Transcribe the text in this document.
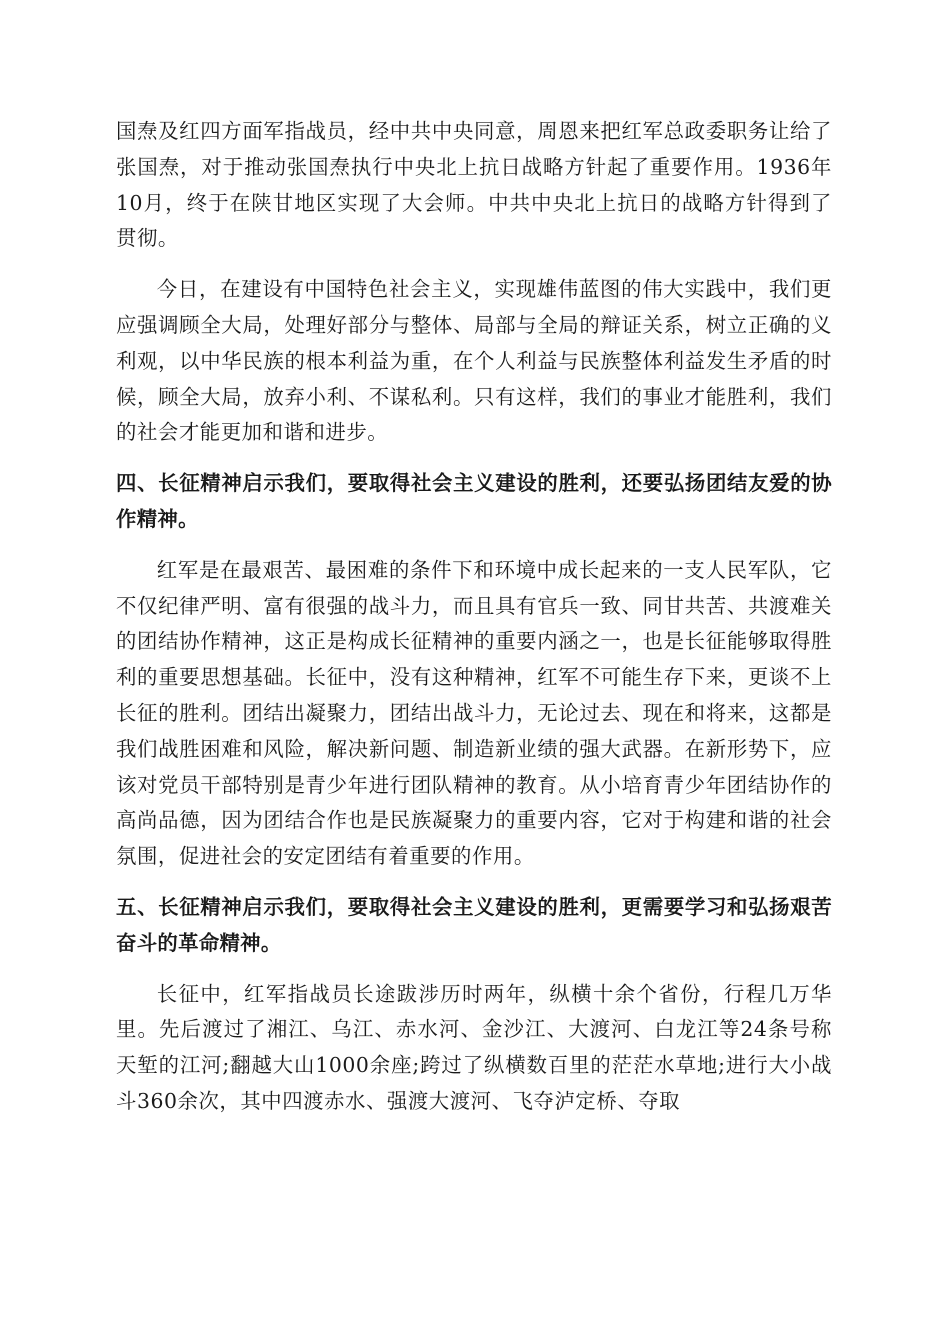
国焘及红四方面军指战员，经中共中央同意，周恩来把红军总政委职务让给了张国焘，对于推动张国焘执行中央北上抗日战略方针起了重要作用。1936年10月，终于在陕甘地区实现了大会师。中共中央北上抗日的战略方针得到了贯彻。

今日，在建设有中国特色社会主义，实现雄伟蓝图的伟大实践中，我们更应强调顾全大局，处理好部分与整体、局部与全局的辩证关系，树立正确的义利观，以中华民族的根本利益为重，在个人利益与民族整体利益发生矛盾的时候，顾全大局，放弃小利、不谋私利。只有这样，我们的事业才能胜利，我们的社会才能更加和谐和进步。

四、长征精神启示我们，要取得社会主义建设的胜利，还要弘扬团结友爱的协作精神。

红军是在最艰苦、最困难的条件下和环境中成长起来的一支人民军队，它不仅纪律严明、富有很强的战斗力，而且具有官兵一致、同甘共苦、共渡难关的团结协作精神，这正是构成长征精神的重要内涵之一，也是长征能够取得胜利的重要思想基础。长征中，没有这种精神，红军不可能生存下来，更谈不上长征的胜利。团结出凝聚力，团结出战斗力，无论过去、现在和将来，这都是我们战胜困难和风险，解决新问题、制造新业绩的强大武器。在新形势下，应该对党员干部特别是青少年进行团队精神的教育。从小培育青少年团结协作的高尚品德，因为团结合作也是民族凝聚力的重要内容，它对于构建和谐的社会氛围，促进社会的安定团结有着重要的作用。

五、长征精神启示我们，要取得社会主义建设的胜利，更需要学习和弘扬艰苦奋斗的革命精神。

长征中，红军指战员长途跋涉历时两年，纵横十余个省份，行程几万华里。先后渡过了湘江、乌江、赤水河、金沙江、大渡河、白龙江等24条号称天堑的江河;翻越大山1000余座;跨过了纵横数百里的茫茫水草地;进行大小战斗360余次，其中四渡赤水、强渡大渡河、飞夺泸定桥、夺取
